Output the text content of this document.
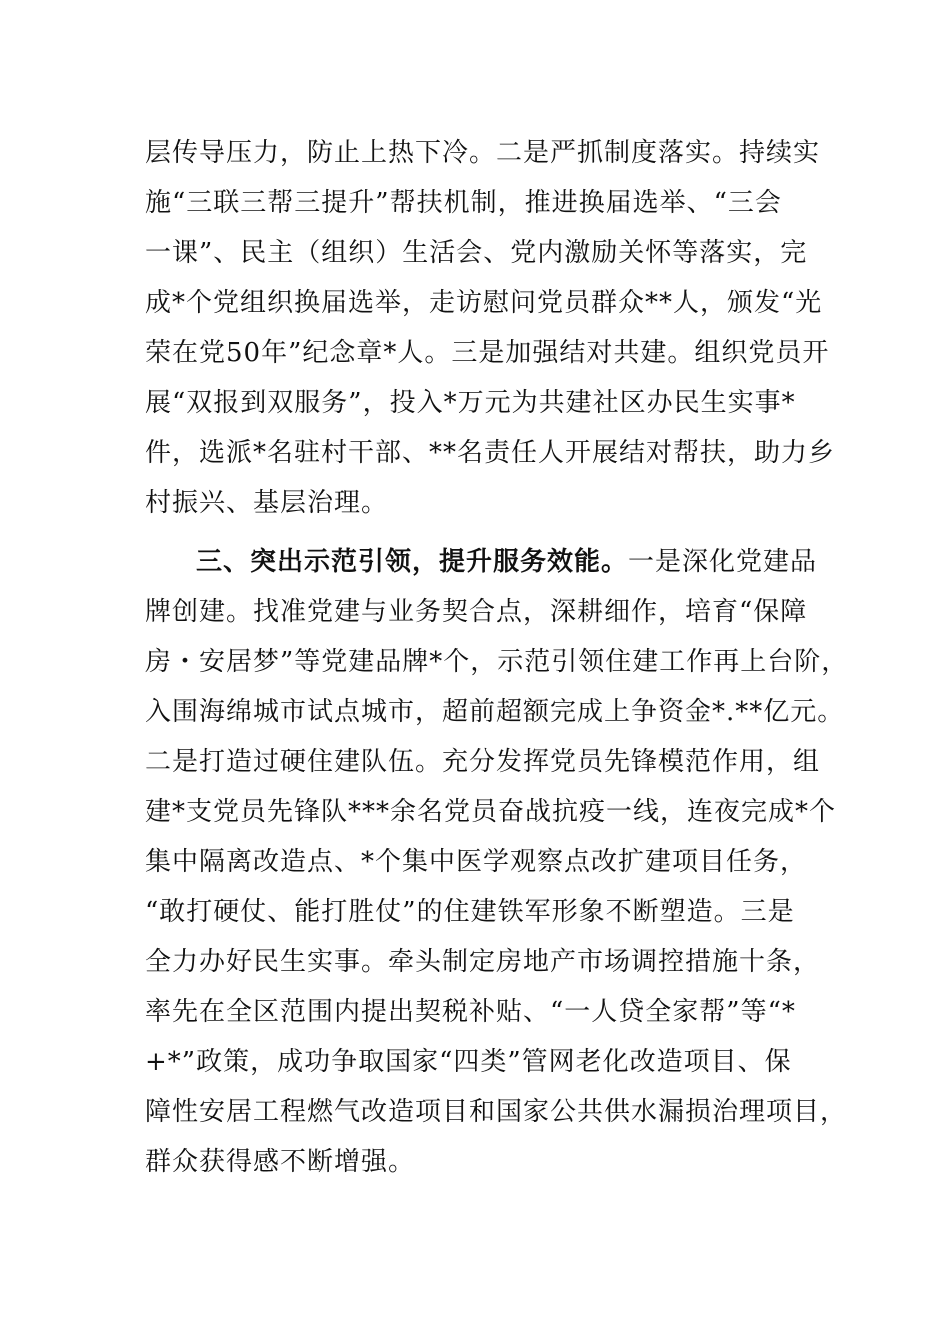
层传导压力，防止上热下冷。二是严抓制度落实。持续实
施“三联三帮三提升”帮扶机制，推进换届选举、“三会
一课”、民主（组织）生活会、党内激励关怀等落实，完
成*个党组织换届选举，走访慰问党员群众**人，颁发“光
荣在党50年”纪念章*人。三是加强结对共建。组织党员开
展“双报到双服务”，投入*万元为共建社区办民生实事*
件，选派*名驻村干部、**名责任人开展结对帮扶，助力乡
村振兴、基层治理。
三、突出示范引领，提升服务效能。一是深化党建品
牌创建。找准党建与业务契合点，深耕细作，培育“保障
房・安居梦”等党建品牌*个，示范引领住建工作再上台阶，
入围海绵城市试点城市，超前超额完成上争资金*.**亿元。
二是打造过硬住建队伍。充分发挥党员先锋模范作用，组
建*支党员先锋队***余名党员奋战抗疫一线，连夜完成*个
集中隔离改造点、*个集中医学观察点改扩建项目任务，
“敢打硬仗、能打胜仗”的住建铁军形象不断塑造。三是
全力办好民生实事。牵头制定房地产市场调控措施十条，
率先在全区范围内提出契税补贴、“一人贷全家帮”等“*
+*”政策，成功争取国家“四类”管网老化改造项目、保
障性安居工程燃气改造项目和国家公共供水漏损治理项目，
群众获得感不断增强。
